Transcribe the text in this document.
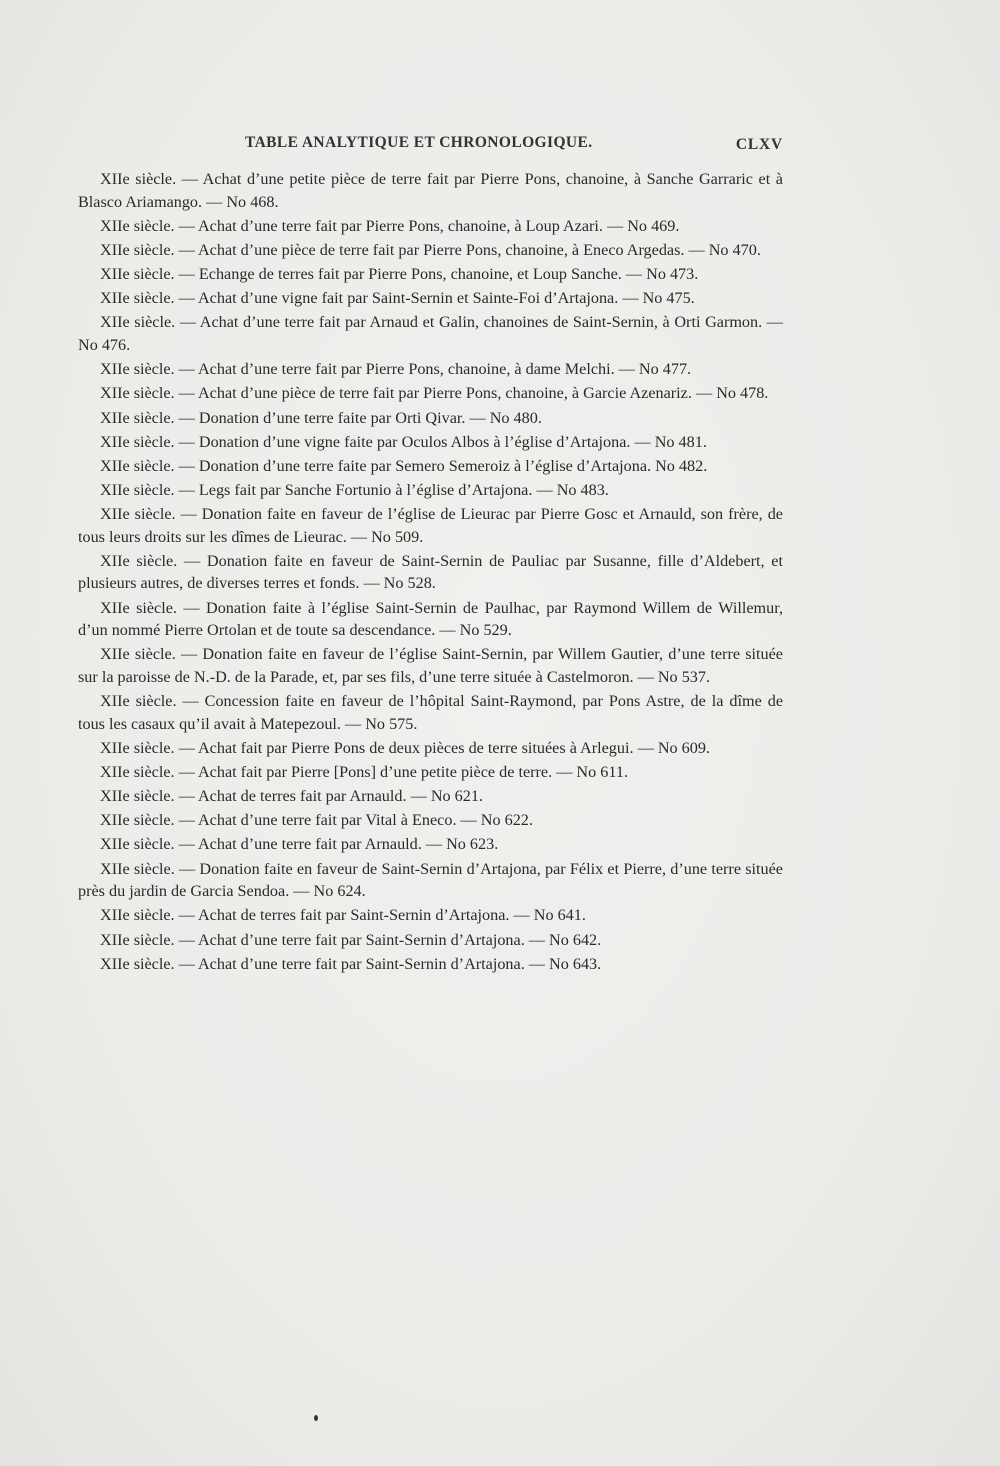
TABLE ANALYTIQUE ET CHRONOLOGIQUE.	CLXV

XIIe siècle. — Achat d’une petite pièce de terre fait par Pierre Pons, chanoine, à Sanche Garraric et à Blasco Ariamango. — No 468.

XIIe siècle. — Achat d’une terre fait par Pierre Pons, chanoine, à Loup Azari. — No 469.

XIIe siècle. — Achat d’une pièce de terre fait par Pierre Pons, chanoine, à Eneco Argedas. — No 470.

XIIe siècle. — Echange de terres fait par Pierre Pons, chanoine, et Loup Sanche. — No 473.

XIIe siècle. — Achat d’une vigne fait par Saint-Sernin et Sainte-Foi d’Artajona. — No 475.

XIIe siècle. — Achat d’une terre fait par Arnaud et Galin, chanoines de Saint-Sernin, à Orti Garmon. — No 476.

XIIe siècle. — Achat d’une terre fait par Pierre Pons, chanoine, à dame Melchi. — No 477.

XIIe siècle. — Achat d’une pièce de terre fait par Pierre Pons, chanoine, à Garcie Azenariz. — No 478.

XIIe siècle. — Donation d’une terre faite par Orti Qivar. — No 480.

XIIe siècle. — Donation d’une vigne faite par Oculos Albos à l’église d’Artajona. — No 481.

XIIe siècle. — Donation d’une terre faite par Semero Semeroiz à l’église d’Artajona. No 482.

XIIe siècle. — Legs fait par Sanche Fortunio à l’église d’Artajona. — No 483.

XIIe siècle. — Donation faite en faveur de l’église de Lieurac par Pierre Gosc et Arnauld, son frère, de tous leurs droits sur les dîmes de Lieurac. — No 509.

XIIe siècle. — Donation faite en faveur de Saint-Sernin de Pauliac par Susanne, fille d’Aldebert, et plusieurs autres, de diverses terres et fonds. — No 528.

XIIe siècle. — Donation faite à l’église Saint-Sernin de Paulhac, par Raymond Willem de Willemur, d’un nommé Pierre Ortolan et de toute sa descendance. — No 529.

XIIe siècle. — Donation faite en faveur de l’église Saint-Sernin, par Willem Gautier, d’une terre située sur la paroisse de N.-D. de la Parade, et, par ses fils, d’une terre située à Castelmoron. — No 537.

XIIe siècle. — Concession faite en faveur de l’hôpital Saint-Raymond, par Pons Astre, de la dîme de tous les casaux qu’il avait à Matepezoul. — No 575.

XIIe siècle. — Achat fait par Pierre Pons de deux pièces de terre situées à Arlegui. — No 609.

XIIe siècle. — Achat fait par Pierre [Pons] d’une petite pièce de terre. — No 611.

XIIe siècle. — Achat de terres fait par Arnauld. — No 621.

XIIe siècle. — Achat d’une terre fait par Vital à Eneco. — No 622.

XIIe siècle. — Achat d’une terre fait par Arnauld. — No 623.

XIIe siècle. — Donation faite en faveur de Saint-Sernin d’Artajona, par Félix et Pierre, d’une terre située près du jardin de Garcia Sendoa. — No 624.

XIIe siècle. — Achat de terres fait par Saint-Sernin d’Artajona. — No 641.

XIIe siècle. — Achat d’une terre fait par Saint-Sernin d’Artajona. — No 642.

XIIe siècle. — Achat d’une terre fait par Saint-Sernin d’Artajona. — No 643.
